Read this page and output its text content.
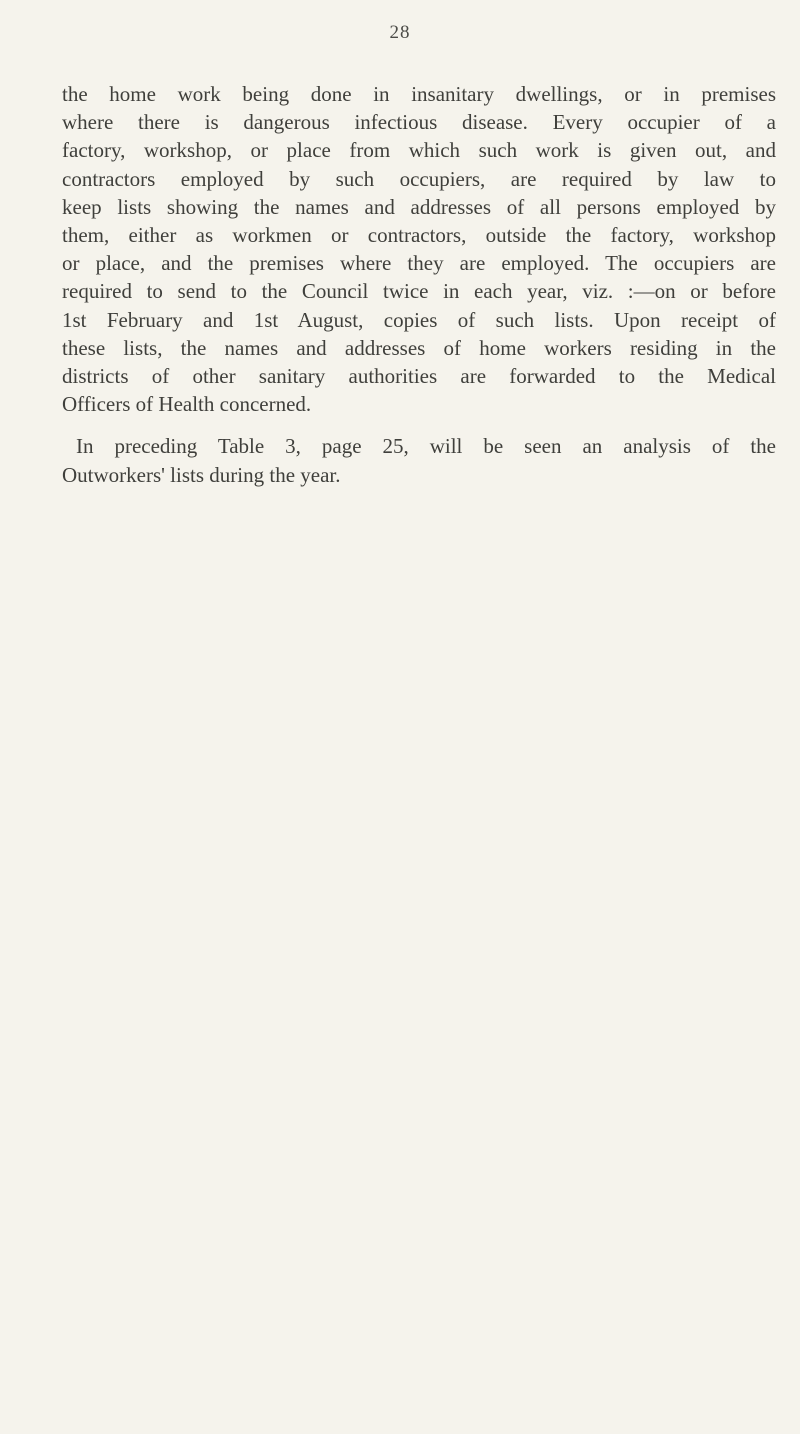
28
the home work being done in insanitary dwellings, or in premises
where there is dangerous infectious disease. Every occupier of a
factory, workshop, or place from which such work is given out, and
contractors employed by such occupiers, are required by law to
keep lists showing the names and addresses of all persons employed by
them, either as workmen or contractors, outside the factory, workshop
or place, and the premises where they are employed. The occupiers are
required to send to the Council twice in each year, viz. :—on or before
1st February and 1st August, copies of such lists. Upon receipt of
these lists, the names and addresses of home workers residing in the
districts of other sanitary authorities are forwarded to the Medical
Officers of Health concerned.
In preceding Table 3, page 25, will be seen an analysis of the
Outworkers' lists during the year.
